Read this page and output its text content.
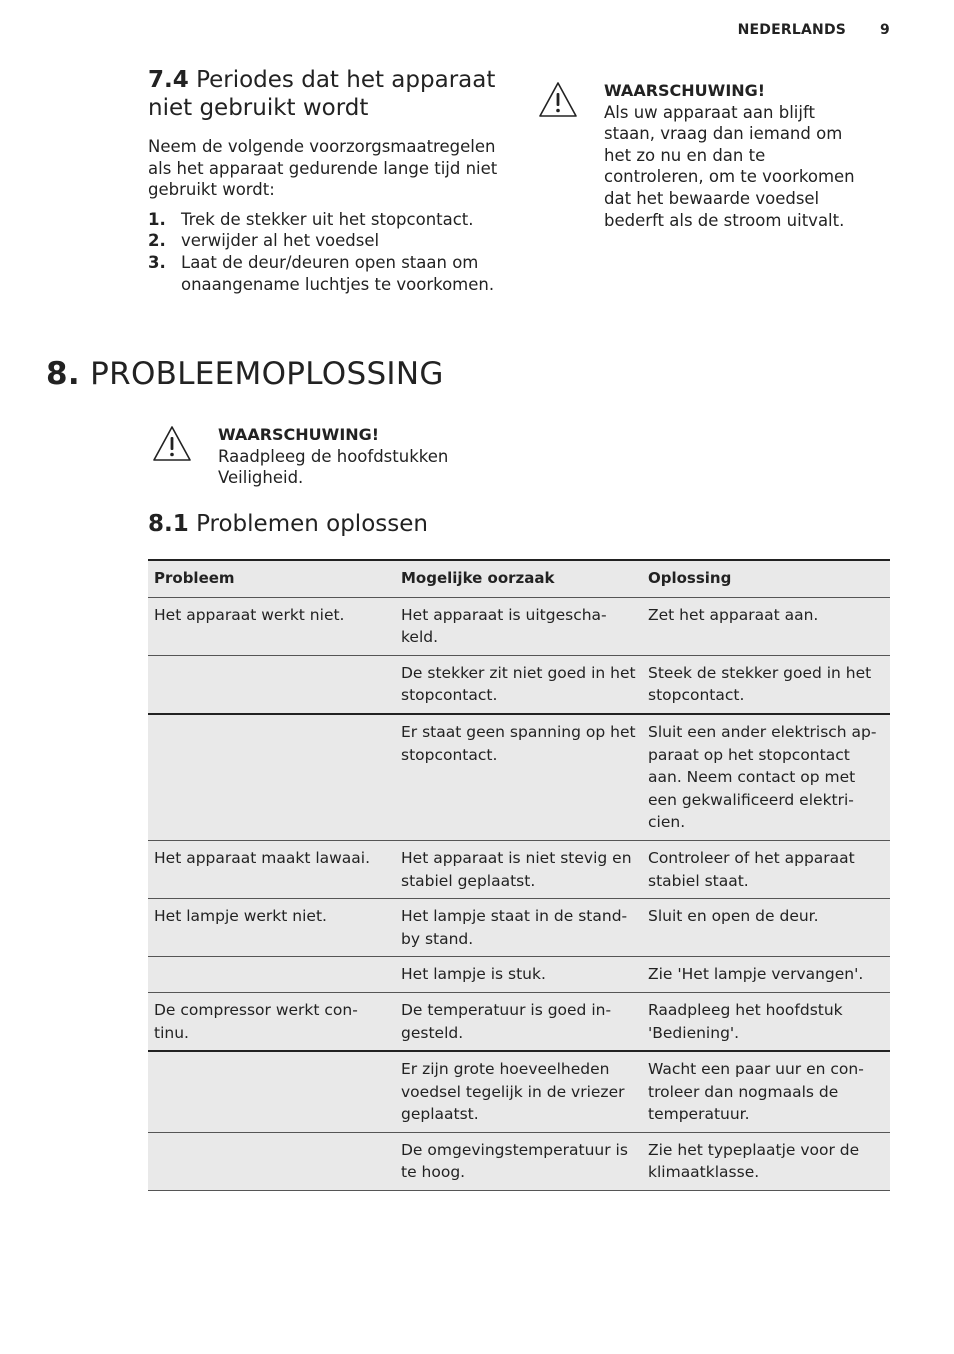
NEDERLANDS 9
7.4 Periodes dat het apparaat niet gebruikt wordt

Neem de volgende voorzorgsmaatregelen als het apparaat gedurende lange tijd niet gebruikt wordt:

1. Trek de stekker uit het stopcontact.
2. verwijder al het voedsel
3. Laat de deur/deuren open staan om onaangename luchtjes te voorkomen.
WAARSCHUWING!
Als uw apparaat aan blijft staan, vraag dan iemand om het zo nu en dan te controleren, om te voorkomen dat het bewaarde voedsel bederft als de stroom uitvalt.
8. PROBLEEMOPLOSSING
WAARSCHUWING!
Raadpleeg de hoofdstukken Veiligheid.
8.1 Problemen oplossen
Probleem	Mogelijke oorzaak	Oplossing
Het apparaat werkt niet.	Het apparaat is uitgescha-keld.	Zet het apparaat aan.
	De stekker zit niet goed in het stopcontact.	Steek de stekker goed in het stopcontact.
	Er staat geen spanning op het stopcontact.	Sluit een ander elektrisch ap-paraat op het stopcontact aan. Neem contact op met een gekwalificeerd elektri-cien.
Het apparaat maakt lawaai.	Het apparaat is niet stevig en stabiel geplaatst.	Controleer of het apparaat stabiel staat.
Het lampje werkt niet.	Het lampje staat in de stand-by stand.	Sluit en open de deur.
	Het lampje is stuk.	Zie 'Het lampje vervangen'.
De compressor werkt con-tinu.	De temperatuur is goed in-gesteld.	Raadpleeg het hoofdstuk 'Bediening'.
	Er zijn grote hoeveelheden voedsel tegelijk in de vriezer geplaatst.	Wacht een paar uur en con-troleer dan nogmaals de temperatuur.
	De omgevingstemperatuur is te hoog.	Zie het typeplaatje voor de klimaatklasse.
